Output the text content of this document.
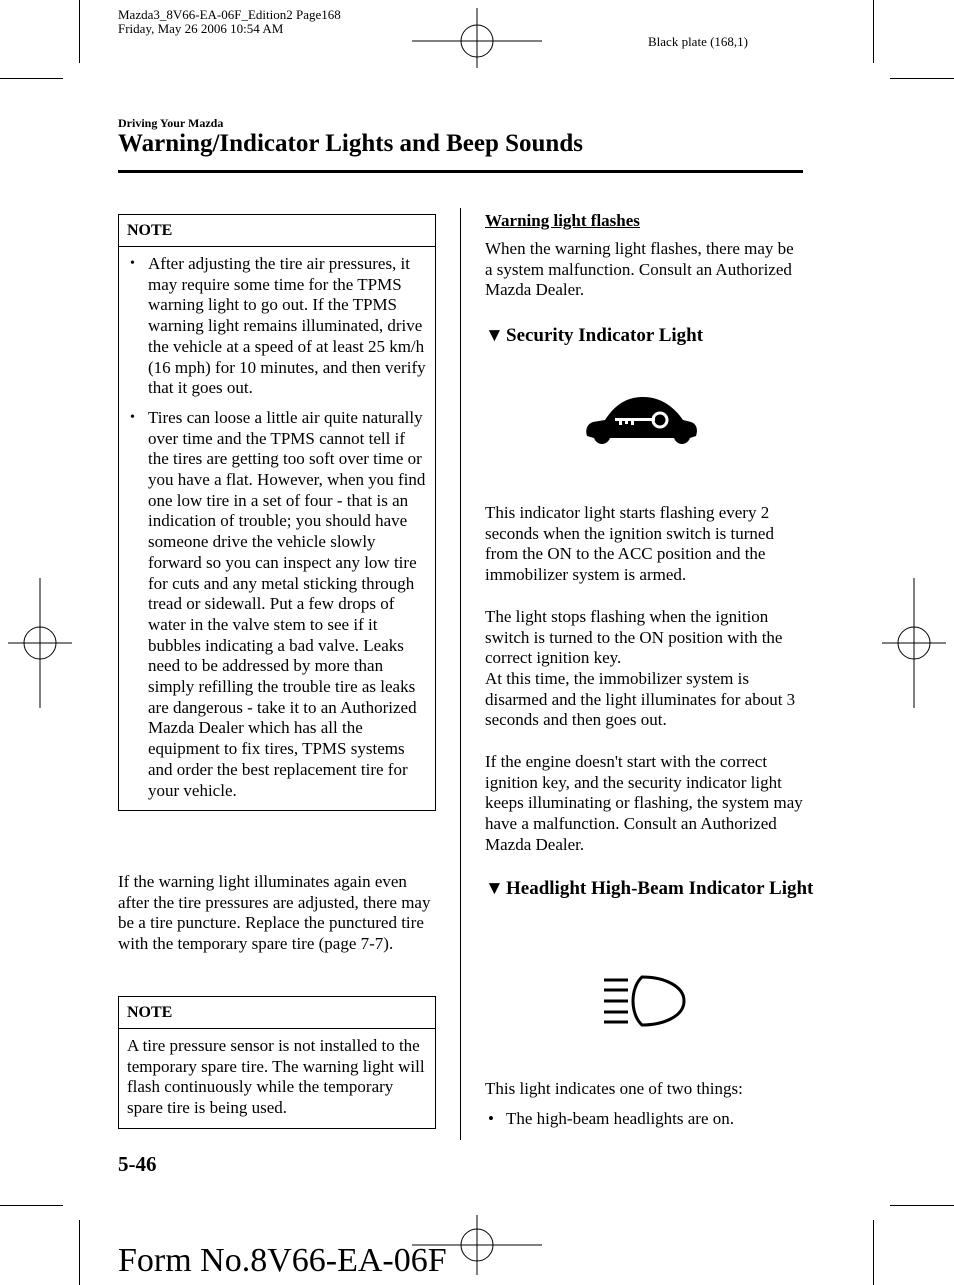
Mazda3_8V66-EA-06F_Edition2 Page168
Friday, May 26 2006 10:54 AM
Black plate (168,1)
Driving Your Mazda
Warning/Indicator Lights and Beep Sounds
NOTE
• After adjusting the tire air pressures, it may require some time for the TPMS warning light to go out. If the TPMS warning light remains illuminated, drive the vehicle at a speed of at least 25 km/h (16 mph) for 10 minutes, and then verify that it goes out.
• Tires can loose a little air quite naturally over time and the TPMS cannot tell if the tires are getting too soft over time or you have a flat. However, when you find one low tire in a set of four - that is an indication of trouble; you should have someone drive the vehicle slowly forward so you can inspect any low tire for cuts and any metal sticking through tread or sidewall. Put a few drops of water in the valve stem to see if it bubbles indicating a bad valve. Leaks need to be addressed by more than simply refilling the trouble tire as leaks are dangerous - take it to an Authorized Mazda Dealer which has all the equipment to fix tires, TPMS systems and order the best replacement tire for your vehicle.
If the warning light illuminates again even after the tire pressures are adjusted, there may be a tire puncture. Replace the punctured tire with the temporary spare tire (page 7-7).
NOTE
A tire pressure sensor is not installed to the temporary spare tire. The warning light will flash continuously while the temporary spare tire is being used.
Warning light flashes
When the warning light flashes, there may be a system malfunction. Consult an Authorized Mazda Dealer.
▼ Security Indicator Light
This indicator light starts flashing every 2 seconds when the ignition switch is turned from the ON to the ACC position and the immobilizer system is armed.
The light stops flashing when the ignition switch is turned to the ON position with the correct ignition key.
At this time, the immobilizer system is disarmed and the light illuminates for about 3 seconds and then goes out.
If the engine doesn't start with the correct ignition key, and the security indicator light keeps illuminating or flashing, the system may have a malfunction. Consult an Authorized Mazda Dealer.
▼ Headlight High-Beam Indicator Light
This light indicates one of two things:
• The high-beam headlights are on.
5-46
Form No.8V66-EA-06F
